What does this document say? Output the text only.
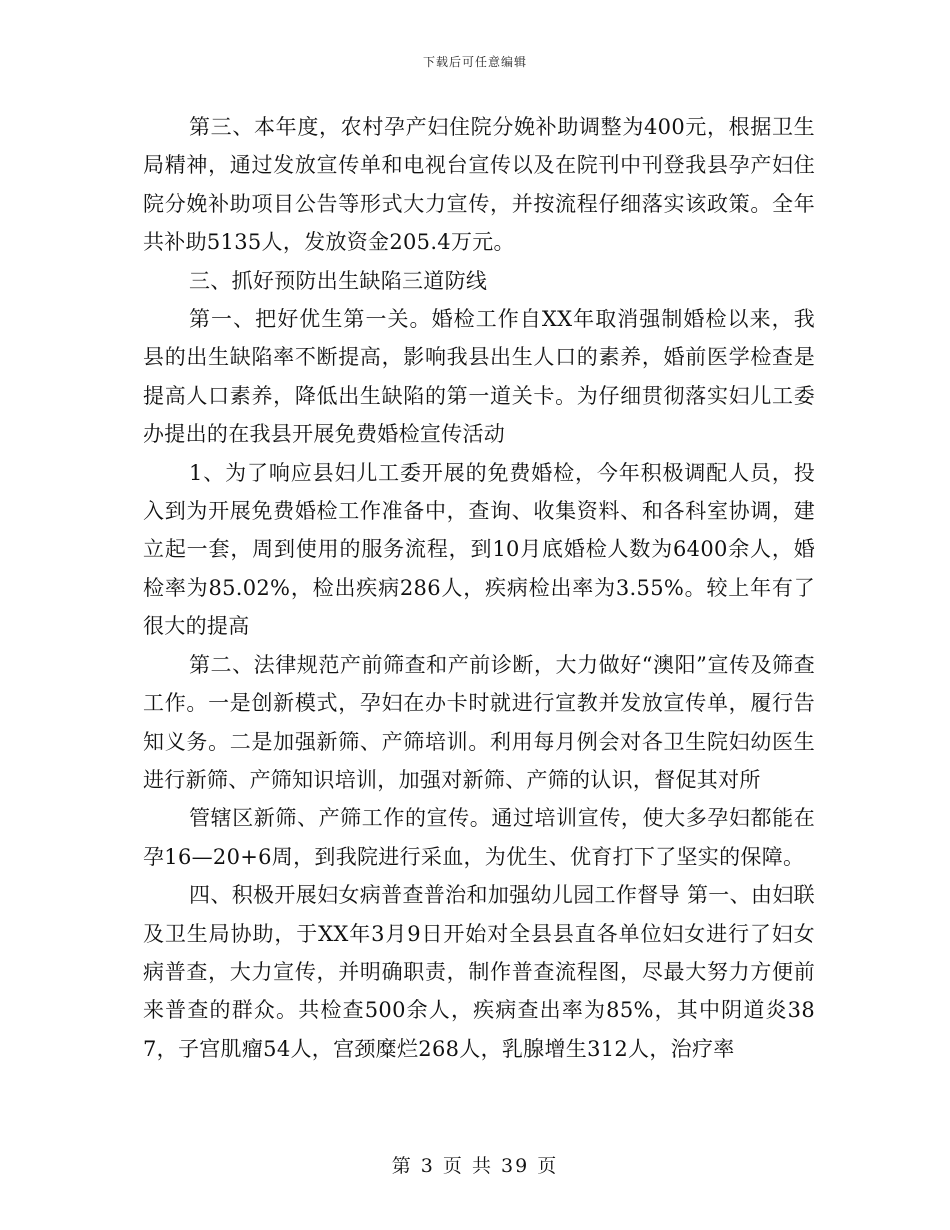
下载后可任意编辑

第三、本年度，农村孕产妇住院分娩补助调整为400元，根据卫生局精神，通过发放宣传单和电视台宣传以及在院刊中刊登我县孕产妇住院分娩补助项目公告等形式大力宣传，并按流程仔细落实该政策。全年共补助5135人，发放资金205.4万元。

三、抓好预防出生缺陷三道防线

第一、把好优生第一关。婚检工作自XX年取消强制婚检以来，我县的出生缺陷率不断提高，影响我县出生人口的素养，婚前医学检查是提高人口素养，降低出生缺陷的第一道关卡。为仔细贯彻落实妇儿工委办提出的在我县开展免费婚检宣传活动

1、为了响应县妇儿工委开展的免费婚检，今年积极调配人员，投入到为开展免费婚检工作准备中，查询、收集资料、和各科室协调，建立起一套，周到使用的服务流程，到10月底婚检人数为6400余人，婚检率为85.02%，检出疾病286人，疾病检出率为3.55%。较上年有了很大的提高

第二、法律规范产前筛查和产前诊断，大力做好“澳阳”宣传及筛查工作。一是创新模式，孕妇在办卡时就进行宣教并发放宣传单，履行告知义务。二是加强新筛、产筛培训。利用每月例会对各卫生院妇幼医生进行新筛、产筛知识培训，加强对新筛、产筛的认识，督促其对所

管辖区新筛、产筛工作的宣传。通过培训宣传，使大多孕妇都能在孕16—20+6周，到我院进行采血，为优生、优育打下了坚实的保障。

四、积极开展妇女病普查普治和加强幼儿园工作督导 第一、由妇联及卫生局协助，于XX年3月9日开始对全县县直各单位妇女进行了妇女病普查，大力宣传，并明确职责，制作普查流程图，尽最大努力方便前来普查的群众。共检查500余人，疾病查出率为85%，其中阴道炎387，子宫肌瘤54人，宫颈糜烂268人，乳腺增生312人，治疗率

第 3 页 共 39 页
